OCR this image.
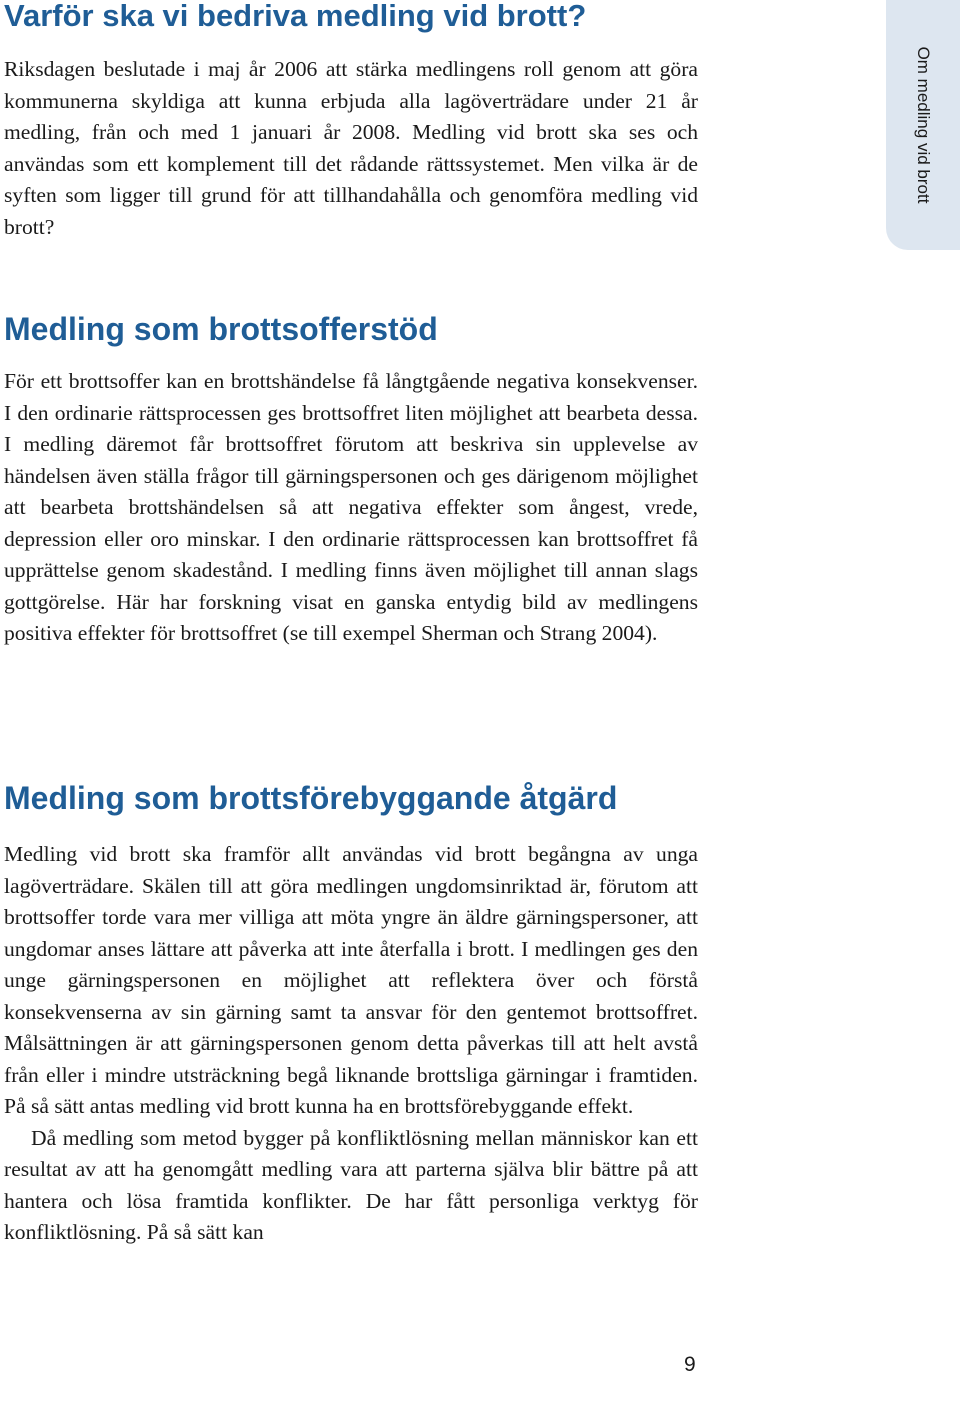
Varför ska vi bedriva medling vid brott?

Riksdagen beslutade i maj år 2006 att stärka medlingens roll genom att göra kommunerna skyldiga att kunna erbjuda alla lagöverträdare under 21 år medling, från och med 1 januari år 2008. Medling vid brott ska ses och användas som ett komplement till det rådande rättssystemet. Men vilka är de syften som ligger till grund för att tillhandahålla och genomföra medling vid brott?

Om medling vid brott
Medling som brottsofferstöd

För ett brottsoffer kan en brottshändelse få långtgående negativa konsekvenser. I den ordinarie rättsprocessen ges brottsoffret liten möjlighet att bearbeta dessa. I medling däremot får brottsoffret förutom att beskriva sin upplevelse av händelsen även ställa frågor till gärningspersonen och ges därigenom möjlighet att bearbeta brottshändelsen så att negativa effekter som ångest, vrede, depression eller oro minskar. I den ordinarie rättsprocessen kan brottsoffret få upprättelse genom skadestånd. I medling finns även möjlighet till annan slags gottgörelse. Här har forskning visat en ganska entydig bild av medlingens positiva effekter för brottsoffret (se till exempel Sherman och Strang 2004).

Medling som brottsförebyggande åtgärd

Medling vid brott ska framför allt användas vid brott begångna av unga lagöverträdare. Skälen till att göra medlingen ungdomsinriktad är, förutom att brottsoffer torde vara mer villiga att möta yngre än äldre gärningspersoner, att ungdomar anses lättare att påverka att inte återfalla i brott. I medlingen ges den unge gärningspersonen en möjlighet att reflektera över och förstå konsekvenserna av sin gärning samt ta ansvar för den gentemot brottsoffret. Målsättningen är att gärningspersonen genom detta påverkas till att helt avstå från eller i mindre utsträckning begå liknande brottsliga gärningar i framtiden. På så sätt antas medling vid brott kunna ha en brottsförebyggande effekt.

Då medling som metod bygger på konfliktlösning mellan människor kan ett resultat av att ha genomgått medling vara att parterna själva blir bättre på att hantera och lösa framtida konflikter. De har fått personliga verktyg för konfliktlösning. På så sätt kan

9
